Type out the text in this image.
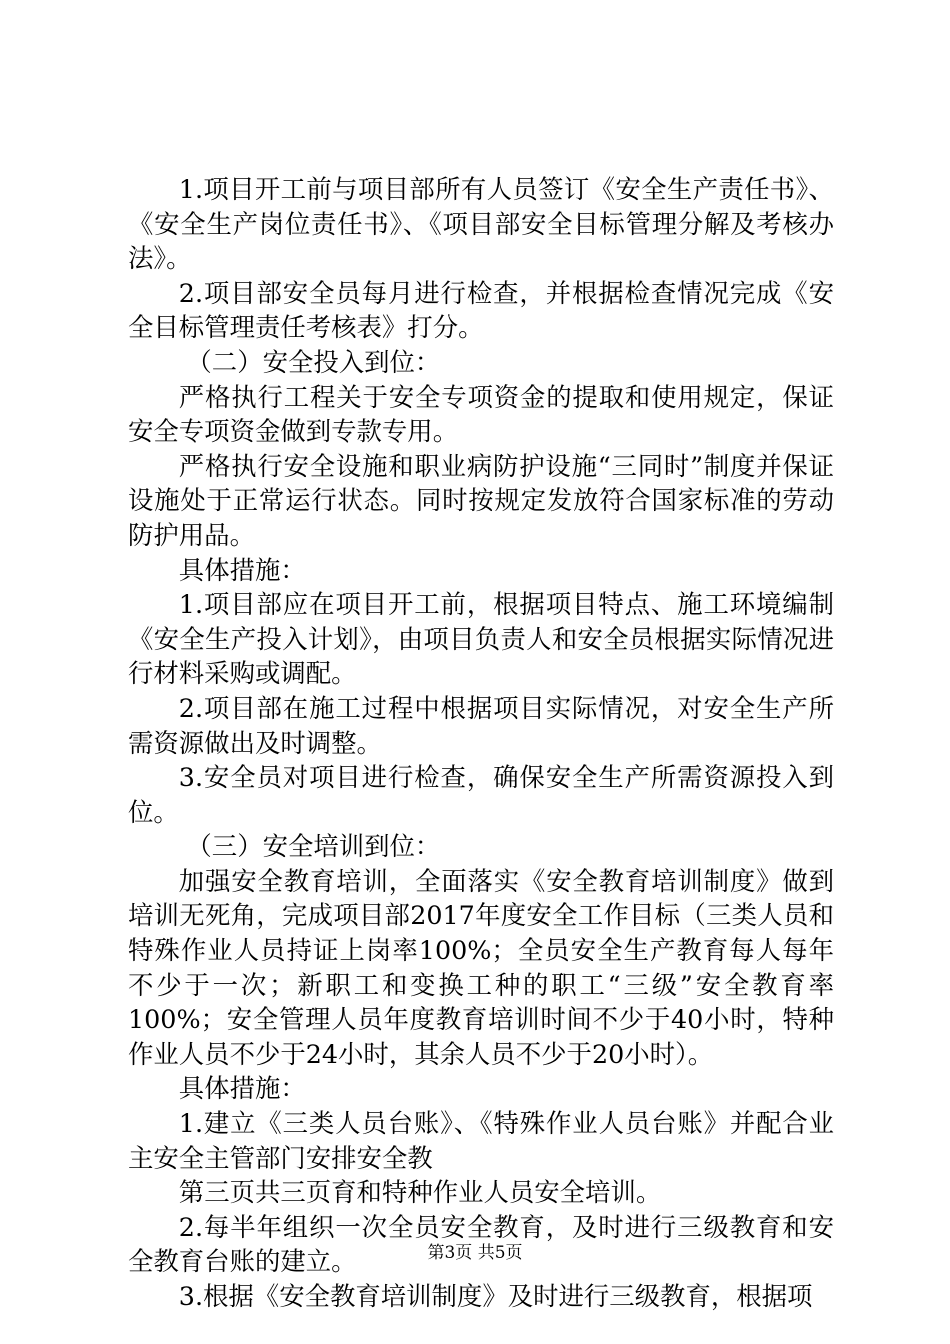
1.项目开工前与项目部所有人员签订《安全生产责任书》、《安全生产岗位责任书》、《项目部安全目标管理分解及考核办法》。

2.项目部安全员每月进行检查，并根据检查情况完成《安全目标管理责任考核表》打分。

（二）安全投入到位：

严格执行工程关于安全专项资金的提取和使用规定，保证安全专项资金做到专款专用。

严格执行安全设施和职业病防护设施“三同时”制度并保证设施处于正常运行状态。同时按规定发放符合国家标准的劳动防护用品。

具体措施：

1.项目部应在项目开工前，根据项目特点、施工环境编制《安全生产投入计划》，由项目负责人和安全员根据实际情况进行材料采购或调配。

2.项目部在施工过程中根据项目实际情况，对安全生产所需资源做出及时调整。

3.安全员对项目进行检查，确保安全生产所需资源投入到位。

（三）安全培训到位：

加强安全教育培训，全面落实《安全教育培训制度》做到培训无死角，完成项目部2017年度安全工作目标（三类人员和特殊作业人员持证上岗率100%；全员安全生产教育每人每年不少于一次；新职工和变换工种的职工“三级”安全教育率100%；安全管理人员年度教育培训时间不少于40小时，特种作业人员不少于24小时，其余人员不少于20小时）。

具体措施：

1.建立《三类人员台账》、《特殊作业人员台账》并配合业主安全主管部门安排安全教

第三页共三页育和特种作业人员安全培训。

2.每半年组织一次全员安全教育，及时进行三级教育和安全教育台账的建立。

3.根据《安全教育培训制度》及时进行三级教育，根据项

第3页 共5页
